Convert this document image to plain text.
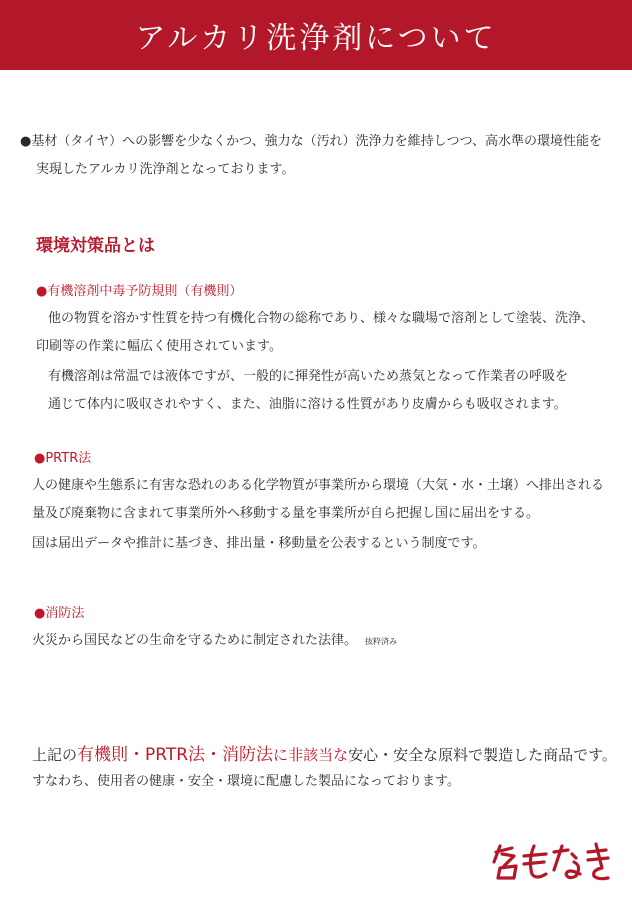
アルカリ洗浄剤について
●基材（タイヤ）への影響を少なくかつ、強力な（汚れ）洗浄力を維持しつつ、高水準の環境性能を
実現したアルカリ洗浄剤となっております。
環境対策品とは
●有機溶剤中毒予防規則（有機則）
他の物質を溶かす性質を持つ有機化合物の総称であり、様々な職場で溶剤として塗装、洗浄、
印刷等の作業に幅広く使用されています。
有機溶剤は常温では液体ですが、一般的に揮発性が高いため蒸気となって作業者の呼吸を
通じて体内に吸収されやすく、また、油脂に溶ける性質があり皮膚からも吸収されます。
●PRTR法
人の健康や生態系に有害な恐れのある化学物質が事業所から環境（大気・水・土壌）へ排出される
量及び廃棄物に含まれて事業所外へ移動する量を事業所が自ら把握し国に届出をする。
国は届出データや推計に基づき、排出量・移動量を公表するという制度です。
●消防法
火災から国民などの生命を守るために制定された法律。 抜粋済み
上記の有機則・PRTR法・消防法に非該当な安心・安全な原料で製造した商品です。
すなわち、使用者の健康・安全・環境に配慮した製品になっております。
